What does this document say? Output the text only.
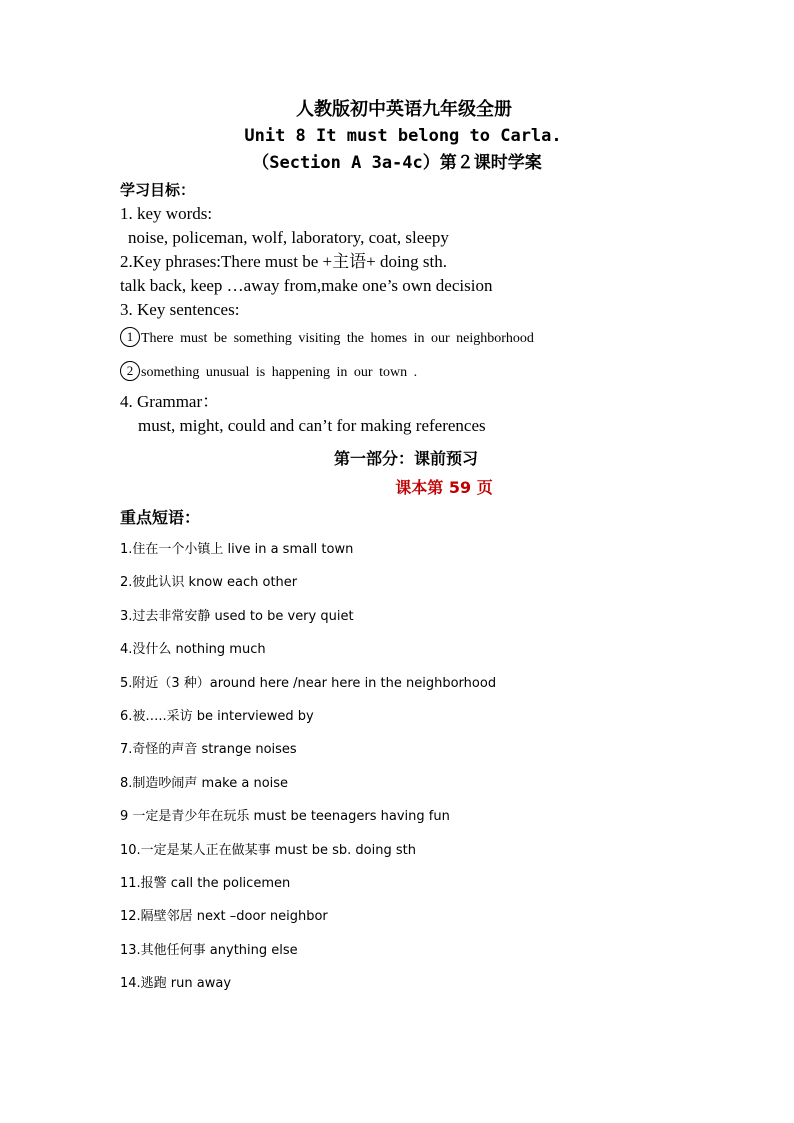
人教版初中英语九年级全册
Unit 8 It must belong to Carla.
（Section A 3a-4c）第２课时学案
学习目标：
1. key words:
noise, policeman, wolf, laboratory, coat, sleepy
2.Key phrases:There must be +主语+ doing sth.
talk back, keep …away from,make one’s own decision
3. Key sentences:
1 There must be something visiting the homes in our neighborhood
2 something unusual is happening in our town .
4. Grammar：
must, might, could and can’t for making references
第一部分：课前预习
课本第 59 页
重点短语：
1.住在一个小镇上 live in a small town
2.彼此认识 know each other
3.过去非常安静 used to be very quiet
4.没什么 nothing much
5.附近（3 种）around here /near here in the neighborhood
6.被…..采访 be interviewed by
7.奇怪的声音 strange noises
8.制造吵闹声 make a noise
9 一定是青少年在玩乐 must be teenagers having fun
10.一定是某人正在做某事 must be sb. doing sth
11.报警 call the policemen
12.隔壁邻居 next –door neighbor
13.其他任何事 anything else
14.逃跑 run away
